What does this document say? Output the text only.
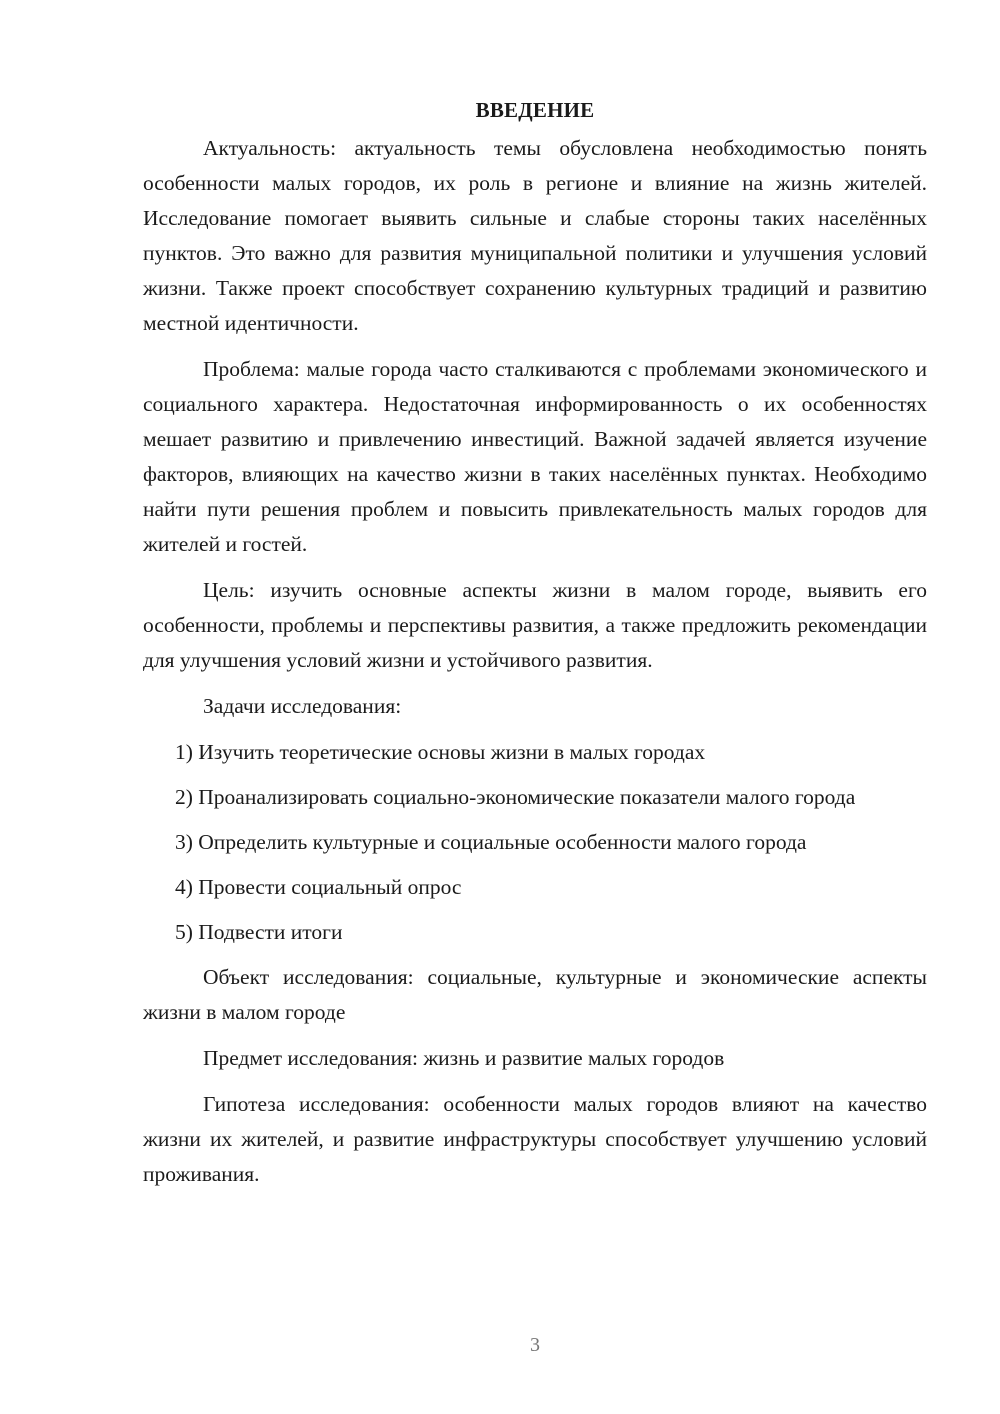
ВВЕДЕНИЕ

Актуальность: актуальность темы обусловлена необходимостью понять особенности малых городов, их роль в регионе и влияние на жизнь жителей. Исследование помогает выявить сильные и слабые стороны таких населённых пунктов. Это важно для развития муниципальной политики и улучшения условий жизни. Также проект способствует сохранению культурных традиций и развитию местной идентичности.

Проблема: малые города часто сталкиваются с проблемами экономического и социального характера. Недостаточная информированность о их особенностях мешает развитию и привлечению инвестиций. Важной задачей является изучение факторов, влияющих на качество жизни в таких населённых пунктах. Необходимо найти пути решения проблем и повысить привлекательность малых городов для жителей и гостей.

Цель: изучить основные аспекты жизни в малом городе, выявить его особенности, проблемы и перспективы развития, а также предложить рекомендации для улучшения условий жизни и устойчивого развития.

Задачи исследования:

1) Изучить теоретические основы жизни в малых городах

2) Проанализировать социально-экономические показатели малого города

3) Определить культурные и социальные особенности малого города

4) Провести социальный опрос

5) Подвести итоги

Объект исследования: социальные, культурные и экономические аспекты жизни в малом городе

Предмет исследования: жизнь и развитие малых городов

Гипотеза исследования: особенности малых городов влияют на качество жизни их жителей, и развитие инфраструктуры способствует улучшению условий проживания.

3
